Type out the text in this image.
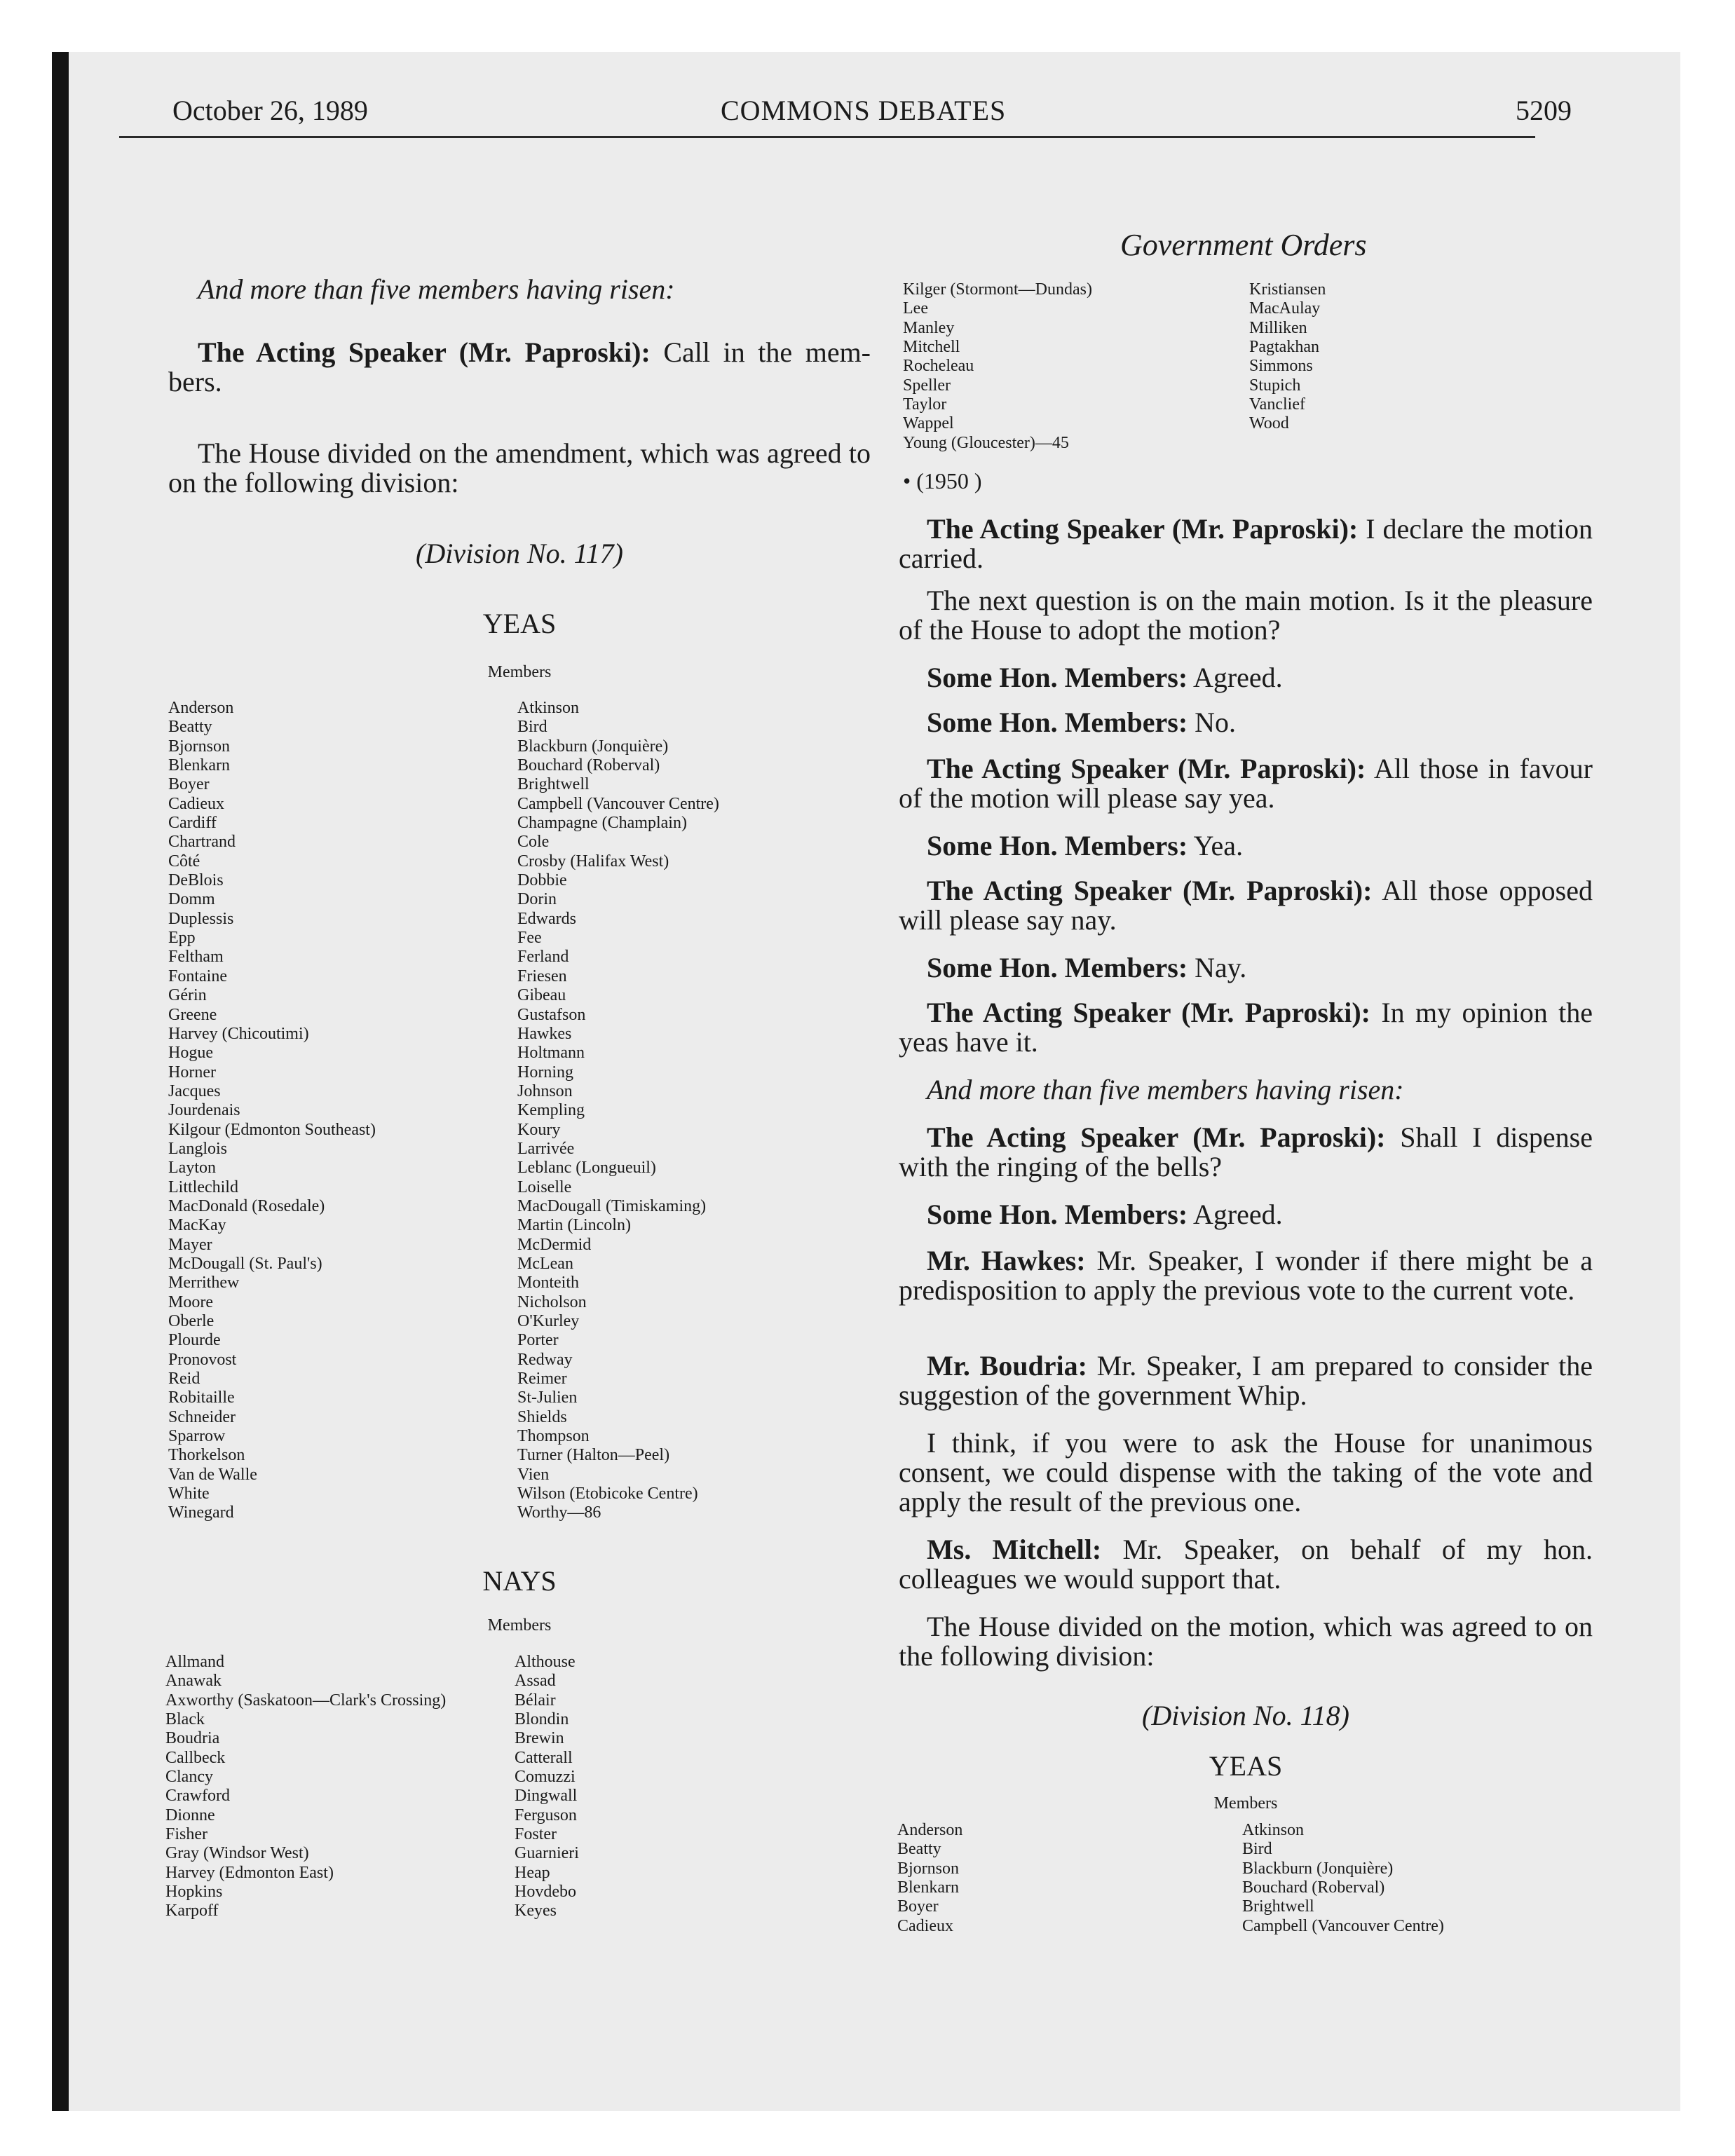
October 26, 1989	COMMONS DEBATES	5209
Government Orders

And more than five members having risen:

The Acting Speaker (Mr. Paproski): Call in the mem- bers.

The House divided on the amendment, which was agreed to on the following division:

(Division No. 117)
YEAS
Members
Anderson
Beatty
Bjornson
Blenkarn
Boyer
Cadieux
Cardiff
Chartrand
Côté
DeBlois
Domm
Duplessis
Epp
Feltham
Fontaine
Gérin
Greene
Harvey (Chicoutimi)
Hogue
Horner
Jacques
Jourdenais
Kilgour (Edmonton Southeast)
Langlois
Layton
Littlechild
MacDonald (Rosedale)
MacKay
Mayer
McDougall (St. Paul's)
Merrithew
Moore
Oberle
Plourde
Pronovost
Reid
Robitaille
Schneider
Sparrow
Thorkelson
Van de Walle
White
Winegard
Atkinson
Bird
Blackburn (Jonquière)
Bouchard (Roberval)
Brightwell
Campbell (Vancouver Centre)
Champagne (Champlain)
Cole
Crosby (Halifax West)
Dobbie
Dorin
Edwards
Fee
Ferland
Friesen
Gibeau
Gustafson
Hawkes
Holtmann
Horning
Johnson
Kempling
Koury
Larrivée
Leblanc (Longueuil)
Loiselle
MacDougall (Timiskaming)
Martin (Lincoln)
McDermid
McLean
Monteith
Nicholson
O'Kurley
Porter
Redway
Reimer
St-Julien
Shields
Thompson
Turner (Halton—Peel)
Vien
Wilson (Etobicoke Centre)
Worthy—86
NAYS
Members
Allmand
Anawak
Axworthy (Saskatoon—Clark's Crossing)
Black
Boudria
Callbeck
Clancy
Crawford
Dionne
Fisher
Gray (Windsor West)
Harvey (Edmonton East)
Hopkins
Karpoff
Althouse
Assad
Bélair
Blondin
Brewin
Catterall
Comuzzi
Dingwall
Ferguson
Foster
Guarnieri
Heap
Hovdebo
Keyes
Kilger (Stormont—Dundas)
Lee
Manley
Mitchell
Rocheleau
Speller
Taylor
Wappel
Young (Gloucester)—45
Kristiansen
MacAulay
Milliken
Pagtakhan
Simmons
Stupich
Vanclief
Wood
• (1950 )

The Acting Speaker (Mr. Paproski): I declare the motion carried.

The next question is on the main motion. Is it the pleasure of the House to adopt the motion?

Some Hon. Members: Agreed.

Some Hon. Members: No.

The Acting Speaker (Mr. Paproski): All those in favour of the motion will please say yea.

Some Hon. Members: Yea.

The Acting Speaker (Mr. Paproski): All those opposed will please say nay.

Some Hon. Members: Nay.

The Acting Speaker (Mr. Paproski): In my opinion the yeas have it.

And more than five members having risen:

The Acting Speaker (Mr. Paproski): Shall I dispense with the ringing of the bells?

Some Hon. Members: Agreed.

Mr. Hawkes: Mr. Speaker, I wonder if there might be a predisposition to apply the previous vote to the current vote.

Mr. Boudria: Mr. Speaker, I am prepared to consider the suggestion of the government Whip.

I think, if you were to ask the House for unanimous consent, we could dispense with the taking of the vote and apply the result of the previous one.

Ms. Mitchell: Mr. Speaker, on behalf of my hon. colleagues we would support that.

The House divided on the motion, which was agreed to on the following division:

(Division No. 118)
YEAS
Members
Anderson
Beatty
Bjornson
Blenkarn
Boyer
Cadieux
Atkinson
Bird
Blackburn (Jonquière)
Bouchard (Roberval)
Brightwell
Campbell (Vancouver Centre)
